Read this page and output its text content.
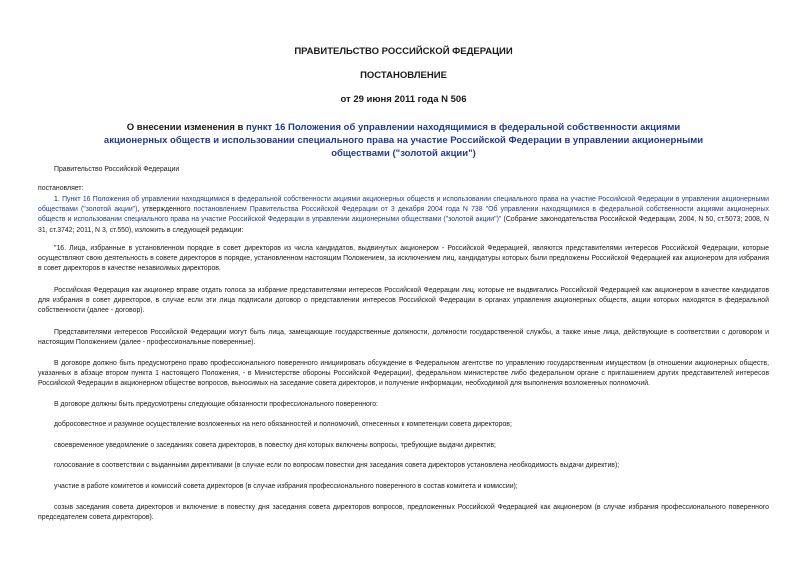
ПРАВИТЕЛЬСТВО РОССИЙСКОЙ ФЕДЕРАЦИИ
ПОСТАНОВЛЕНИЕ
от 29 июня 2011 года N 506
О внесении изменения в пункт 16 Положения об управлении находящимися в федеральной собственности акциями акционерных обществ и использовании специального права на участие Российской Федерации в управлении акционерными обществами ("золотой акции")
Правительство Российской Федерации
постановляет:
1. Пункт 16 Положения об управлении находящимися в федеральной собственности акциями акционерных обществ и использовании специального права на участие Российской Федерации в управлении акционерными обществами ("золотой акции"), утвержденного постановлением Правительства Российской Федерации от 3 декабря 2004 года N 738 "Об управлении находящимися в федеральной собственности акциями акционерных обществ и использовании специального права на участие Российской Федерации в управлении акционерными обществами ("золотой акции")" (Собрание законодательства Российской Федерации, 2004, N 50, ст.5073; 2008, N 31, ст.3742; 2011, N 3, ст.550), изложить в следующей редакции:
"16. Лица, избранные в установленном порядке в совет директоров из числа кандидатов, выдвинутых акционером - Российской Федерацией, являются представителями интересов Российской Федерации, которые осуществляют свою деятельность в совете директоров в порядке, установленном настоящим Положением, за исключением лиц, кандидатуры которых были предложены Российской Федерацией как акционером для избрания в совет директоров в качестве независимых директоров.
Российская Федерация как акционер вправе отдать голоса за избрание представителями интересов Российской Федерации лиц, которые не выдвигались Российской Федерацией как акционером в качестве кандидатов для избрания в совет директоров, в случае если эти лица подписали договор о представлении интересов Российской Федерации в органах управления акционерных обществ, акции которых находятся в федеральной собственности (далее - договор).
Представителями интересов Российской Федерации могут быть лица, замещающие государственные должности, должности государственной службы, а также иные лица, действующие в соответствии с договором и настоящим Положением (далее - профессиональные поверенные).
В договоре должно быть предусмотрено право профессионального поверенного инициировать обсуждение в Федеральном агентстве по управлению государственным имуществом (в отношении акционерных обществ, указанных в абзаце втором пункта 1 настоящего Положения, - в Министерстве обороны Российской Федерации), федеральном министерстве либо федеральном органе с приглашением других представителей интересов Российской Федерации в акционерном обществе вопросов, выносимых на заседание совета директоров, и получение информации, необходимой для выполнения возложенных полномочий.
В договоре должны быть предусмотрены следующие обязанности профессионального поверенного:
добросовестное и разумное осуществление возложенных на него обязанностей и полномочий, отнесенных к компетенции совета директоров;
своевременное уведомление о заседаниях совета директоров, в повестку дня которых включены вопросы, требующие выдачи директив;
голосование в соответствии с выданными директивами (в случае если по вопросам повестки дня заседания совета директоров установлена необходимость выдачи директив);
участие в работе комитетов и комиссий совета директоров (в случае избрания профессионального поверенного в состав комитета и комиссии);
созыв заседания совета директоров и включение в повестку дня заседания совета директоров вопросов, предложенных Российской Федерацией как акционером (в случае избрания профессионального поверенного председателем совета директоров).
